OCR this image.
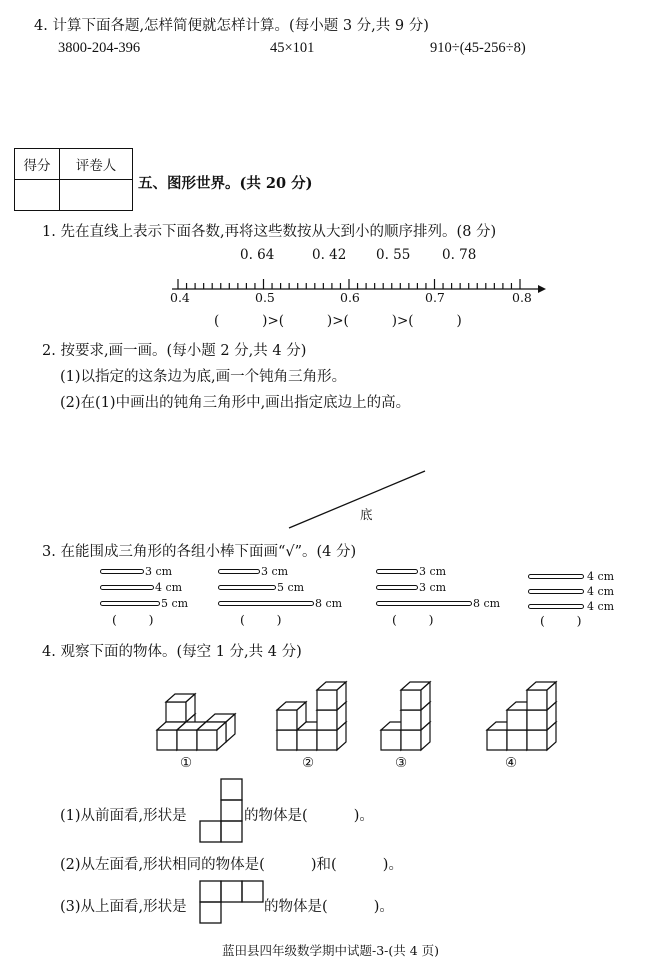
4. 计算下面各题,怎样简便就怎样计算。(每小题 3 分,共 9 分)
3800-204-396	45×101	910÷(45-256÷8)
得分	评卷人

五、图形世界。(共 20 分)
1. 先在直线上表示下面各数,再将这些数按从大到小的顺序排列。(8 分)
0. 64	0. 42 0. 55 0. 78
0.4	0.5	0.6	0.7	0.8
(          )>(          )>(          )>(          )
2. 按要求,画一画。(每小题 2 分,共 4 分)
(1)以指定的这条边为底,画一个钝角三角形。
(2)在(1)中画出的钝角三角形中,画出指定底边上的高。
底
3. 在能围成三角形的各组小棒下面画“√”。(4 分)
3 cm
4 cm
5 cm
(        )
3 cm
5 cm
8 cm
(        )
3 cm
3 cm
8 cm
(        )
4 cm
4 cm
4 cm
(        )
4. 观察下面的物体。(每空 1 分,共 4 分)
①	②	③	④
(1)从前面看,形状是	的物体是(          )。
(2)从左面看,形状相同的物体是(          )和(          )。
(3)从上面看,形状是	的物体是(          )。
蓝田县四年级数学期中试题-3-(共 4 页)
